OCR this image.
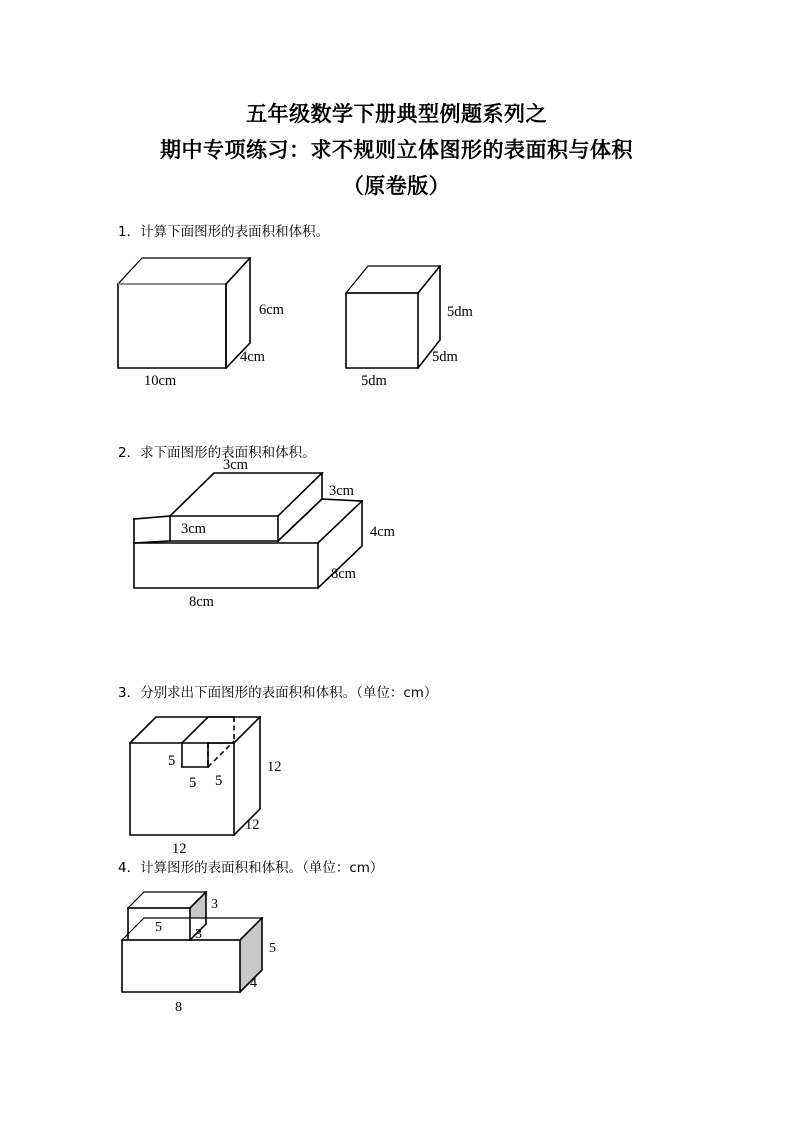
五年级数学下册典型例题系列之
期中专项练习：求不规则立体图形的表面积与体积
（原卷版）
1．计算下面图形的表面积和体积。
6cm
4cm
10cm
5dm
5dm
5dm
2．求下面图形的表面积和体积。
3cm
3cm
3cm	4cm
8cm
8cm
3．分别求出下面图形的表面积和体积。（单位：cm）
5
5 5
12
12
12
4．计算图形的表面积和体积。（单位：cm）
3
3
5
5
4
8
